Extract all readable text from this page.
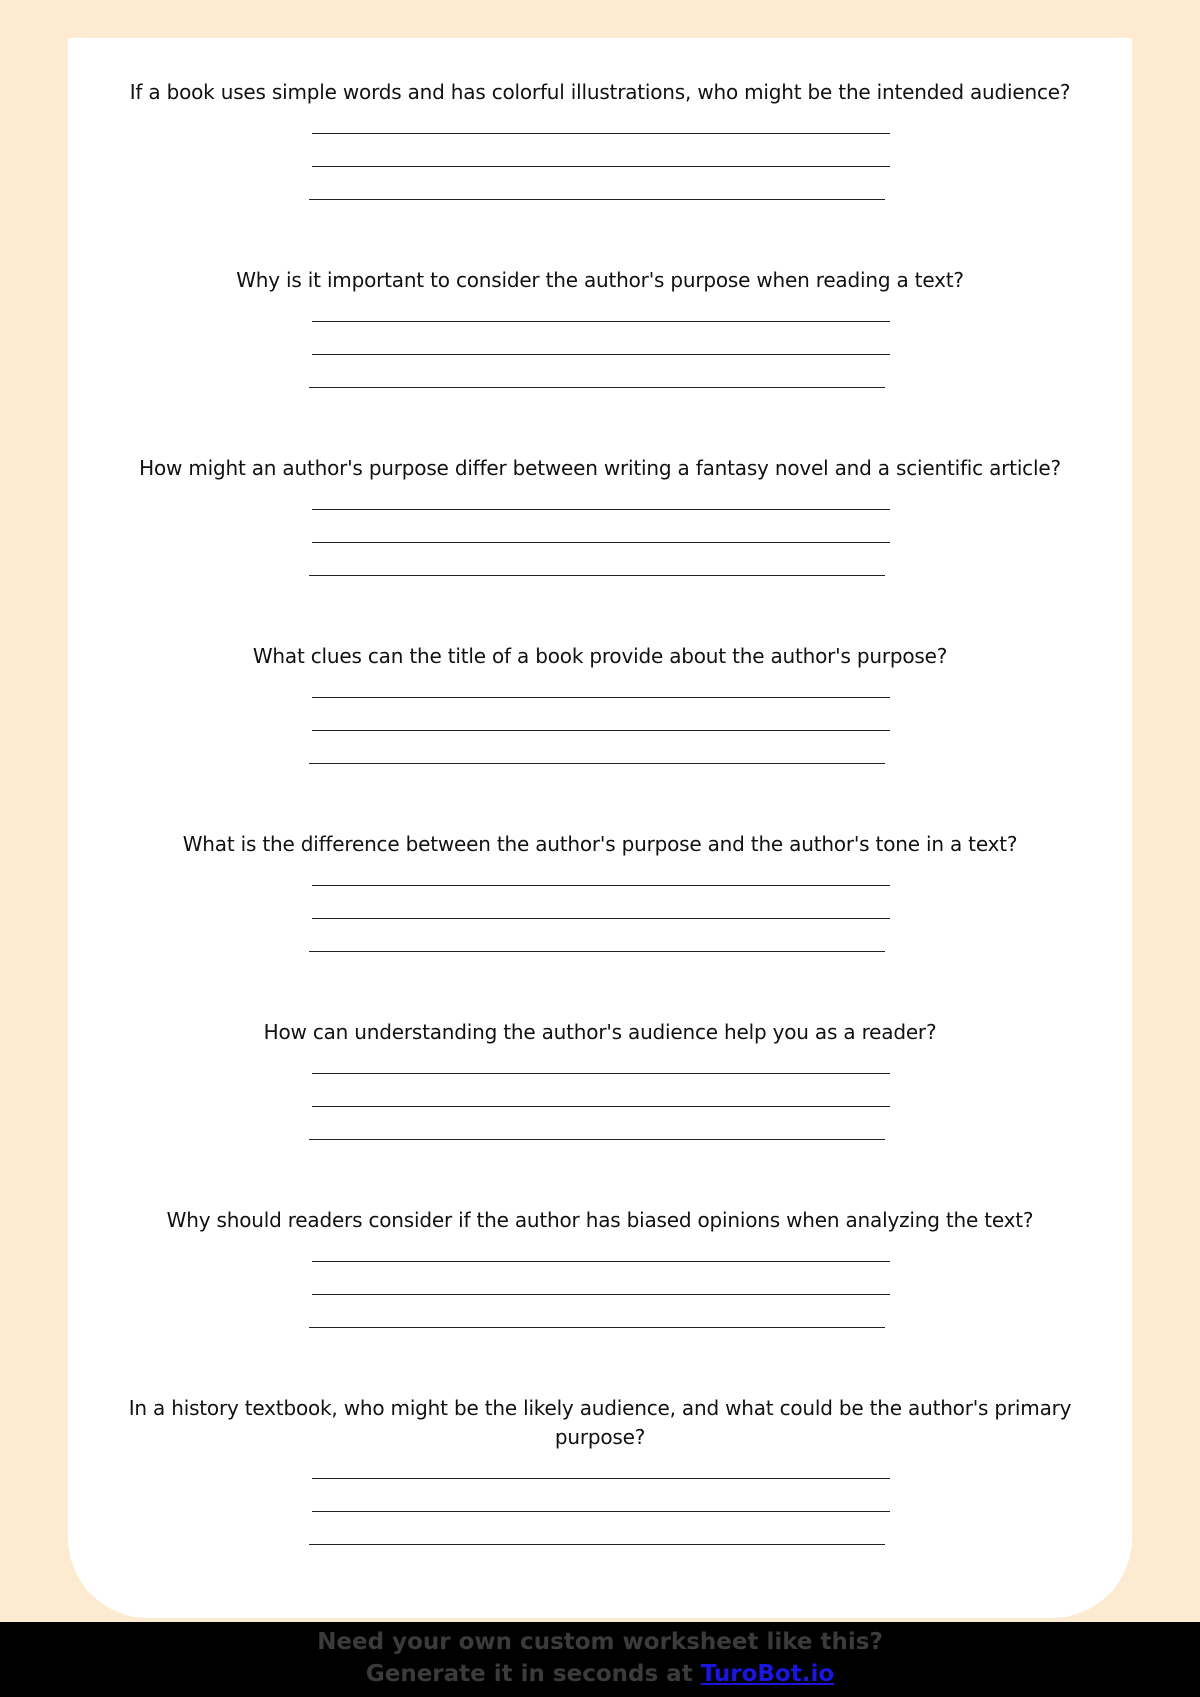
If a book uses simple words and has colorful illustrations, who might be the intended audience?

Why is it important to consider the author's purpose when reading a text?

How might an author's purpose differ between writing a fantasy novel and a scientific article?

What clues can the title of a book provide about the author's purpose?

What is the difference between the author's purpose and the author's tone in a text?

How can understanding the author's audience help you as a reader?

Why should readers consider if the author has biased opinions when analyzing the text?

In a history textbook, who might be the likely audience, and what could be the author's primary purpose?

Need your own custom worksheet like this?
Generate it in seconds at TuroBot.io
